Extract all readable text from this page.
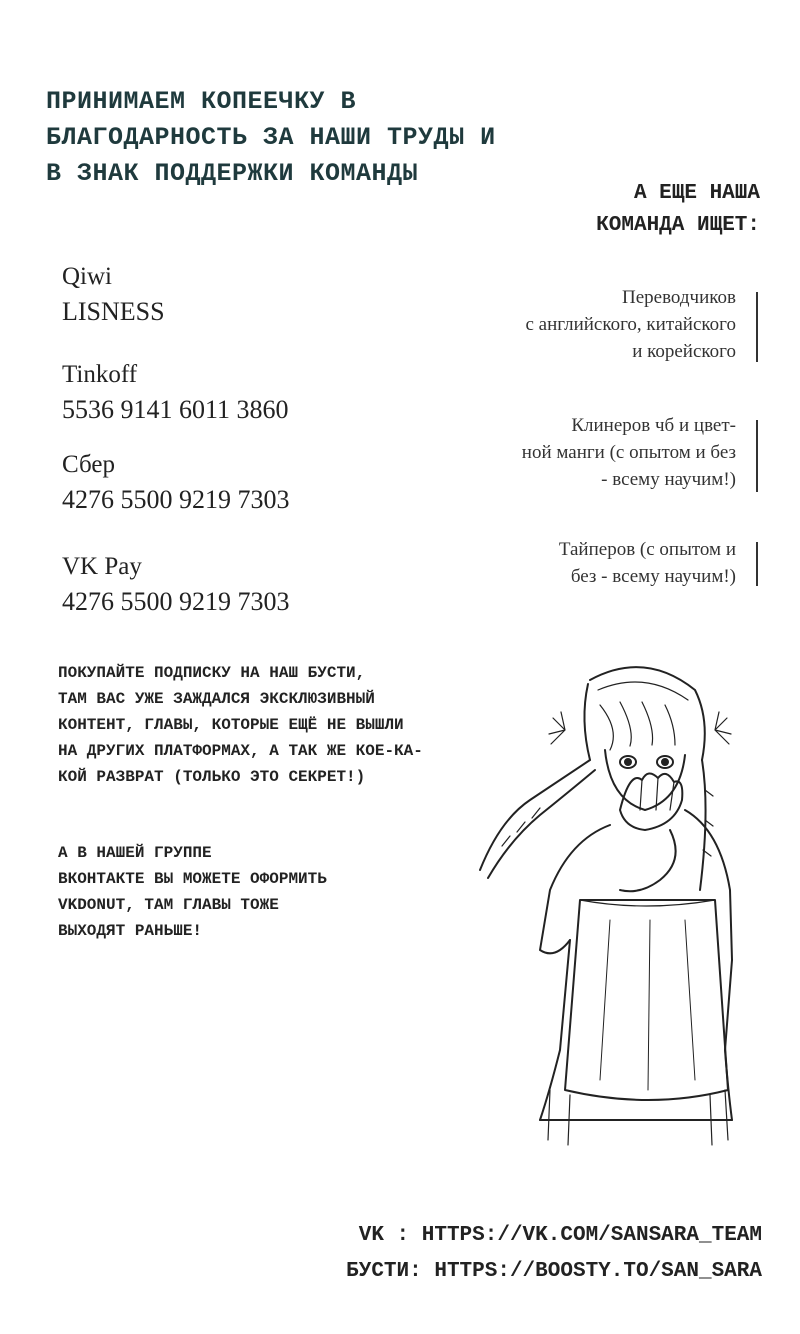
ПРИНИМАЕМ КОПЕЕЧКУ В
БЛАГОДАРНОСТЬ ЗА НАШИ ТРУДЫ И
В ЗНАК ПОДДЕРЖКИ КОМАНДЫ
А ЕЩЕ НАША
КОМАНДА ИЩЕТ:
Qiwi
LISNESS
Tinkoff
5536 9141 6011 3860
Сбер
4276 5500 9219 7303
VK Pay
4276 5500 9219 7303
Переводчиков
с английского, китайского
и корейского
Клинеров чб и цвет-
ной манги (с опытом и без
- всему научим!)
Тайперов (с опытом и
без - всему научим!)
ПОКУПАЙТЕ ПОДПИСКУ НА НАШ БУСТИ,
ТАМ ВАС УЖЕ ЗАЖДАЛСЯ ЭКСКЛЮЗИВНЫЙ
КОНТЕНТ, ГЛАВЫ, КОТОРЫЕ ЕЩЁ НЕ ВЫШЛИ
НА ДРУГИХ ПЛАТФОРМАХ, А ТАК ЖЕ КОЕ-КА-
КОЙ РАЗВРАТ (ТОЛЬКО ЭТО СЕКРЕТ!)
А В НАШЕЙ ГРУППЕ
ВКОНТАКТЕ ВЫ МОЖЕТЕ ОФОРМИТЬ
VKDONUT, ТАМ ГЛАВЫ ТОЖЕ
ВЫХОДЯТ РАНЬШЕ!
VK : HTTPS://VK.COM/SANSARA_TEAM
БУСТИ: HTTPS://BOOSTY.TO/SAN_SARA
